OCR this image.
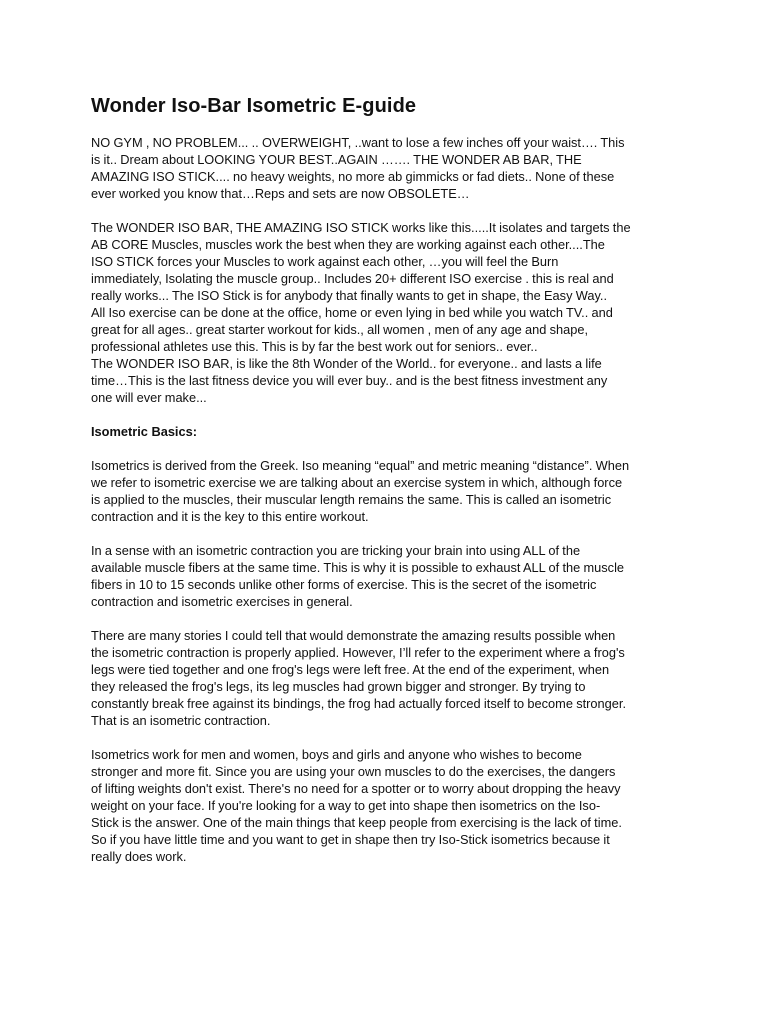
Wonder Iso-Bar Isometric E-guide

NO GYM , NO PROBLEM... .. OVERWEIGHT, ..want to lose a few inches off your waist…. This
is it.. Dream about LOOKING YOUR BEST..AGAIN ……. THE WONDER AB BAR, THE
AMAZING ISO STICK.... no heavy weights, no more ab gimmicks or fad diets.. None of these
ever worked you know that…Reps and sets are now OBSOLETE…

The WONDER ISO BAR, THE AMAZING ISO STICK works like this.....It isolates and targets the
AB CORE Muscles, muscles work the best when they are working against each other....The
ISO STICK forces your Muscles to work against each other, …you will feel the Burn
immediately, Isolating the muscle group.. Includes 20+ different ISO exercise . this is real and
really works... The ISO Stick is for anybody that finally wants to get in shape, the Easy Way..
All Iso exercise can be done at the office, home or even lying in bed while you watch TV.. and
great for all ages.. great starter workout for kids., all women , men of any age and shape,
professional athletes use this. This is by far the best work out for seniors.. ever..

The WONDER ISO BAR, is like the 8th Wonder of the World.. for everyone.. and lasts a life
time…This is the last fitness device you will ever buy.. and is the best fitness investment any
one will ever make...

Isometric Basics:

Isometrics is derived from the Greek. Iso meaning “equal” and metric meaning “distance”. When
we refer to isometric exercise we are talking about an exercise system in which, although force
is applied to the muscles, their muscular length remains the same. This is called an isometric
contraction and it is the key to this entire workout.

In a sense with an isometric contraction you are tricking your brain into using ALL of the
available muscle fibers at the same time. This is why it is possible to exhaust ALL of the muscle
fibers in 10 to 15 seconds unlike other forms of exercise. This is the secret of the isometric
contraction and isometric exercises in general.

There are many stories I could tell that would demonstrate the amazing results possible when
the isometric contraction is properly applied. However, I’ll refer to the experiment where a frog's
legs were tied together and one frog's legs were left free. At the end of the experiment, when
they released the frog's legs, its leg muscles had grown bigger and stronger. By trying to
constantly break free against its bindings, the frog had actually forced itself to become stronger.
That is an isometric contraction.

Isometrics work for men and women, boys and girls and anyone who wishes to become
stronger and more fit. Since you are using your own muscles to do the exercises, the dangers
of lifting weights don't exist. There's no need for a spotter or to worry about dropping the heavy
weight on your face. If you're looking for a way to get into shape then isometrics on the Iso-
Stick is the answer. One of the main things that keep people from exercising is the lack of time.
So if you have little time and you want to get in shape then try Iso-Stick isometrics because it
really does work.
